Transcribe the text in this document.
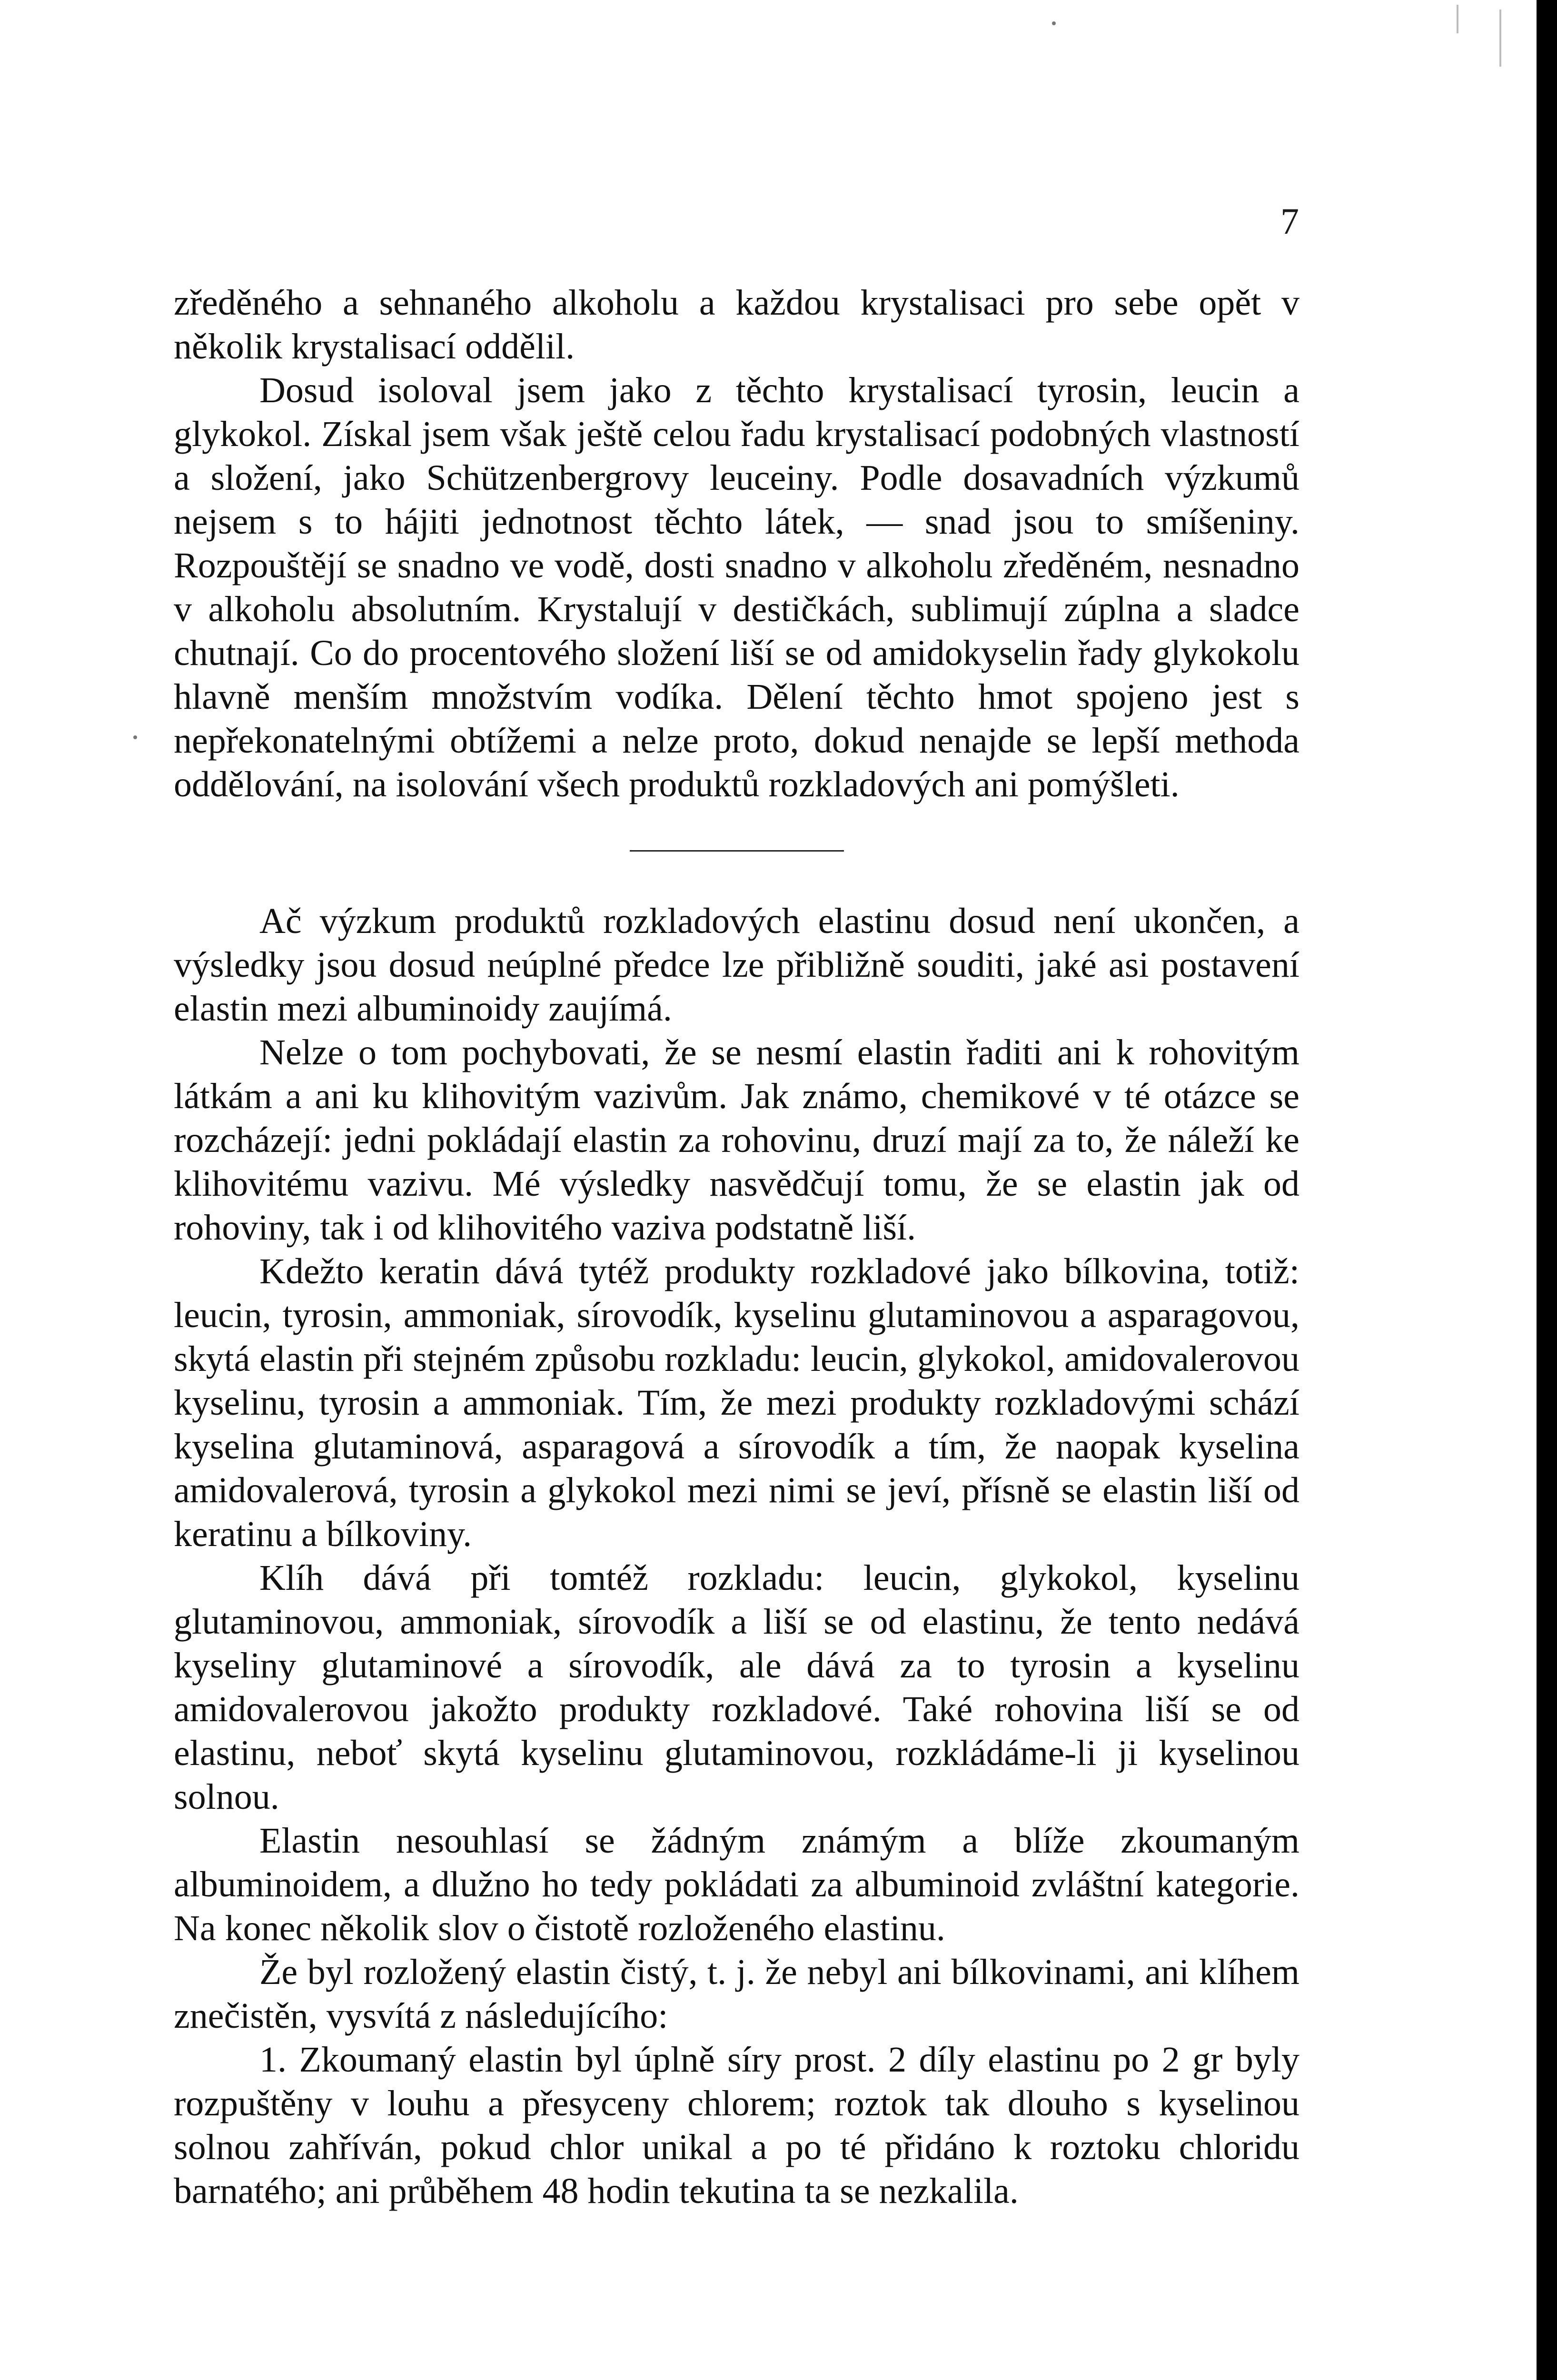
7

zředěného a sehnaného alkoholu a každou krystalisaci pro sebe opět v několik krystalisací oddělil.

Dosud isoloval jsem jako z těchto krystalisací tyrosin, leucin a glykokol. Získal jsem však ještě celou řadu krystalisací podobných vlastností a složení, jako Schützenbergrovy leuceiny. Podle dosavadních výzkumů nejsem s to hájiti jednotnost těchto látek, — snad jsou to smíšeniny. Rozpouštějí se snadno ve vodě, dosti snadno v alkoholu zředěném, nesnadno v alkoholu absolutním. Krystalují v destičkách, sublimují zúplna a sladce chutnají. Co do procentového složení liší se od amidokyselin řady glykokolu hlavně menším množstvím vodíka. Dělení těchto hmot spojeno jest s nepřekonatelnými obtížemi a nelze proto, dokud nenajde se lepší methoda oddělování, na isolování všech produktů rozkladových ani pomýšleti.

Ač výzkum produktů rozkladových elastinu dosud není ukončen, a výsledky jsou dosud neúplné předce lze přibližně souditi, jaké asi postavení elastin mezi albuminoidy zaujímá.

Nelze o tom pochybovati, že se nesmí elastin řaditi ani k rohovitým látkám a ani ku klihovitým vazivům. Jak známo, chemikové v té otázce se rozcházejí: jedni pokládají elastin za rohovinu, druzí mají za to, že náleží ke klihovitému vazivu. Mé výsledky nasvědčují tomu, že se elastin jak od rohoviny, tak i od klihovitého vaziva podstatně liší.

Kdežto keratin dává tytéž produkty rozkladové jako bílkovina, totiž: leucin, tyrosin, ammoniak, sírovodík, kyselinu glutaminovou a asparagovou, skytá elastin při stejném způsobu rozkladu: leucin, glykokol, amidovalerovou kyselinu, tyrosin a ammoniak. Tím, že mezi produkty rozkladovými schází kyselina glutaminová, asparagová a sírovodík a tím, že naopak kyselina amidovalerová, tyrosin a glykokol mezi nimi se jeví, přísně se elastin liší od keratinu a bílkoviny.

Klíh dává při tomtéž rozkladu: leucin, glykokol, kyselinu glutaminovou, ammoniak, sírovodík a liší se od elastinu, že tento nedává kyseliny glutaminové a sírovodík, ale dává za to tyrosin a kyselinu amidovalerovou jakožto produkty rozkladové. Také rohovina liší se od elastinu, neboť skytá kyselinu glutaminovou, rozkládáme-li ji kyselinou solnou.

Elastin nesouhlasí se žádným známým a blíže zkoumaným albuminoidem, a dlužno ho tedy pokládati za albuminoid zvláštní kategorie. Na konec několik slov o čistotě rozloženého elastinu.

Že byl rozložený elastin čistý, t. j. že nebyl ani bílkovinami, ani klíhem znečistěn, vysvítá z následujícího:

1. Zkoumaný elastin byl úplně síry prost. 2 díly elastinu po 2 gr byly rozpuštěny v louhu a přesyceny chlorem; roztok tak dlouho s kyselinou solnou zahříván, pokud chlor unikal a po té přidáno k roztoku chloridu barnatého; ani průběhem 48 hodin tekutina ta se nezkalila.
